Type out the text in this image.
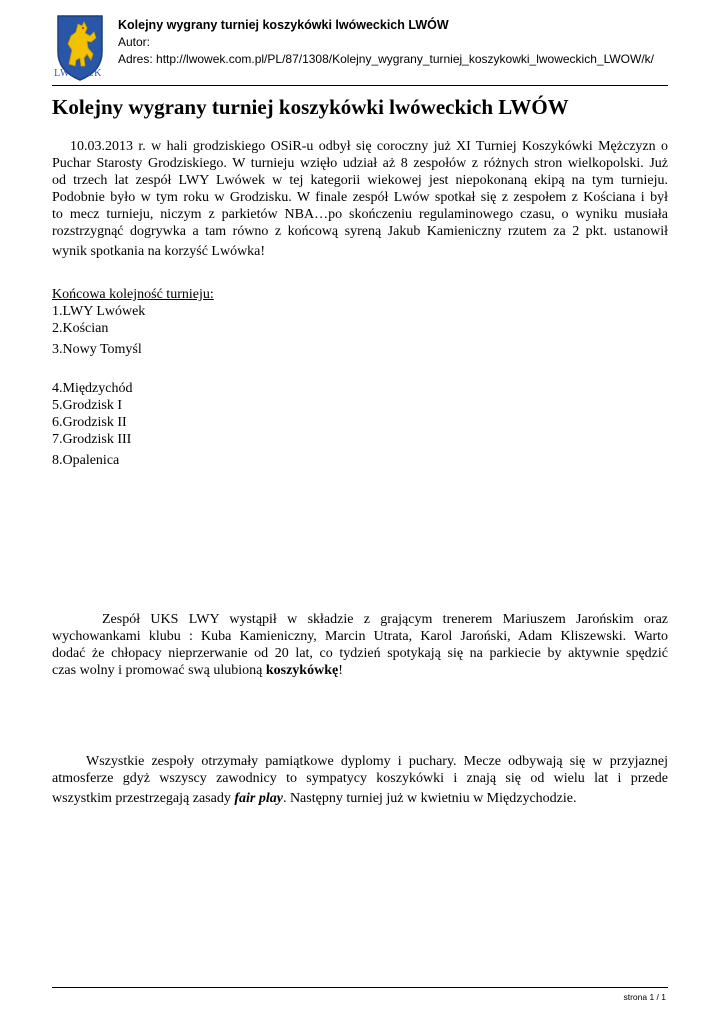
LWÓWEK
Kolejny wygrany turniej koszykówki lwóweckich LWÓW
Autor:
Adres: http://lwowek.com.pl/PL/87/1308/Kolejny_wygrany_turniej_koszykowki_lwoweckich_LWOW/k/
Kolejny wygrany turniej koszykówki lwóweckich LWÓW
10.03.2013 r. w hali grodziskiego OSiR-u odbył się coroczny już XI Turniej Koszykówki Mężczyzn o
Puchar Starosty Grodziskiego. W turnieju wzięło udział aż 8 zespołów z różnych stron wielkopolski. Już
od trzech lat zespół LWY Lwówek w tej kategorii wiekowej jest niepokonaną ekipą na tym turnieju.
Podobnie było w tym roku w Grodzisku. W finale zespół Lwów spotkał się z zespołem z Kościana i był
to mecz turnieju, niczym z parkietów NBA…po skończeniu regulaminowego czasu, o wyniku musiała
rozstrzygnąć dogrywka a tam równo z końcową syreną Jakub Kamieniczny rzutem za 2 pkt. ustanowił
wynik spotkania na korzyść Lwówka!
Końcowa kolejność turnieju:
1.LWY Lwówek
2.Kościan
3.Nowy Tomyśl
4.Międzychód
5.Grodzisk I
6.Grodzisk II
7.Grodzisk III
8.Opalenica
Zespół UKS LWY wystąpił w składzie z grającym trenerem Mariuszem Jarońskim oraz
wychowankami klubu : Kuba Kamieniczny, Marcin Utrata, Karol Jaroński, Adam Kliszewski. Warto
dodać że chłopacy nieprzerwanie od 20 lat, co tydzień spotykają się na parkiecie by aktywnie spędzić
czas wolny i promować swą ulubioną koszykówkę!
Wszystkie zespoły otrzymały pamiątkowe dyplomy i puchary. Mecze odbywają się w przyjaznej
atmosferze gdyż wszyscy zawodnicy to sympatycy koszykówki i znają się od wielu lat i przede
wszystkim przestrzegają zasady fair play. Następny turniej już w kwietniu w Międzychodzie.
strona 1 / 1
